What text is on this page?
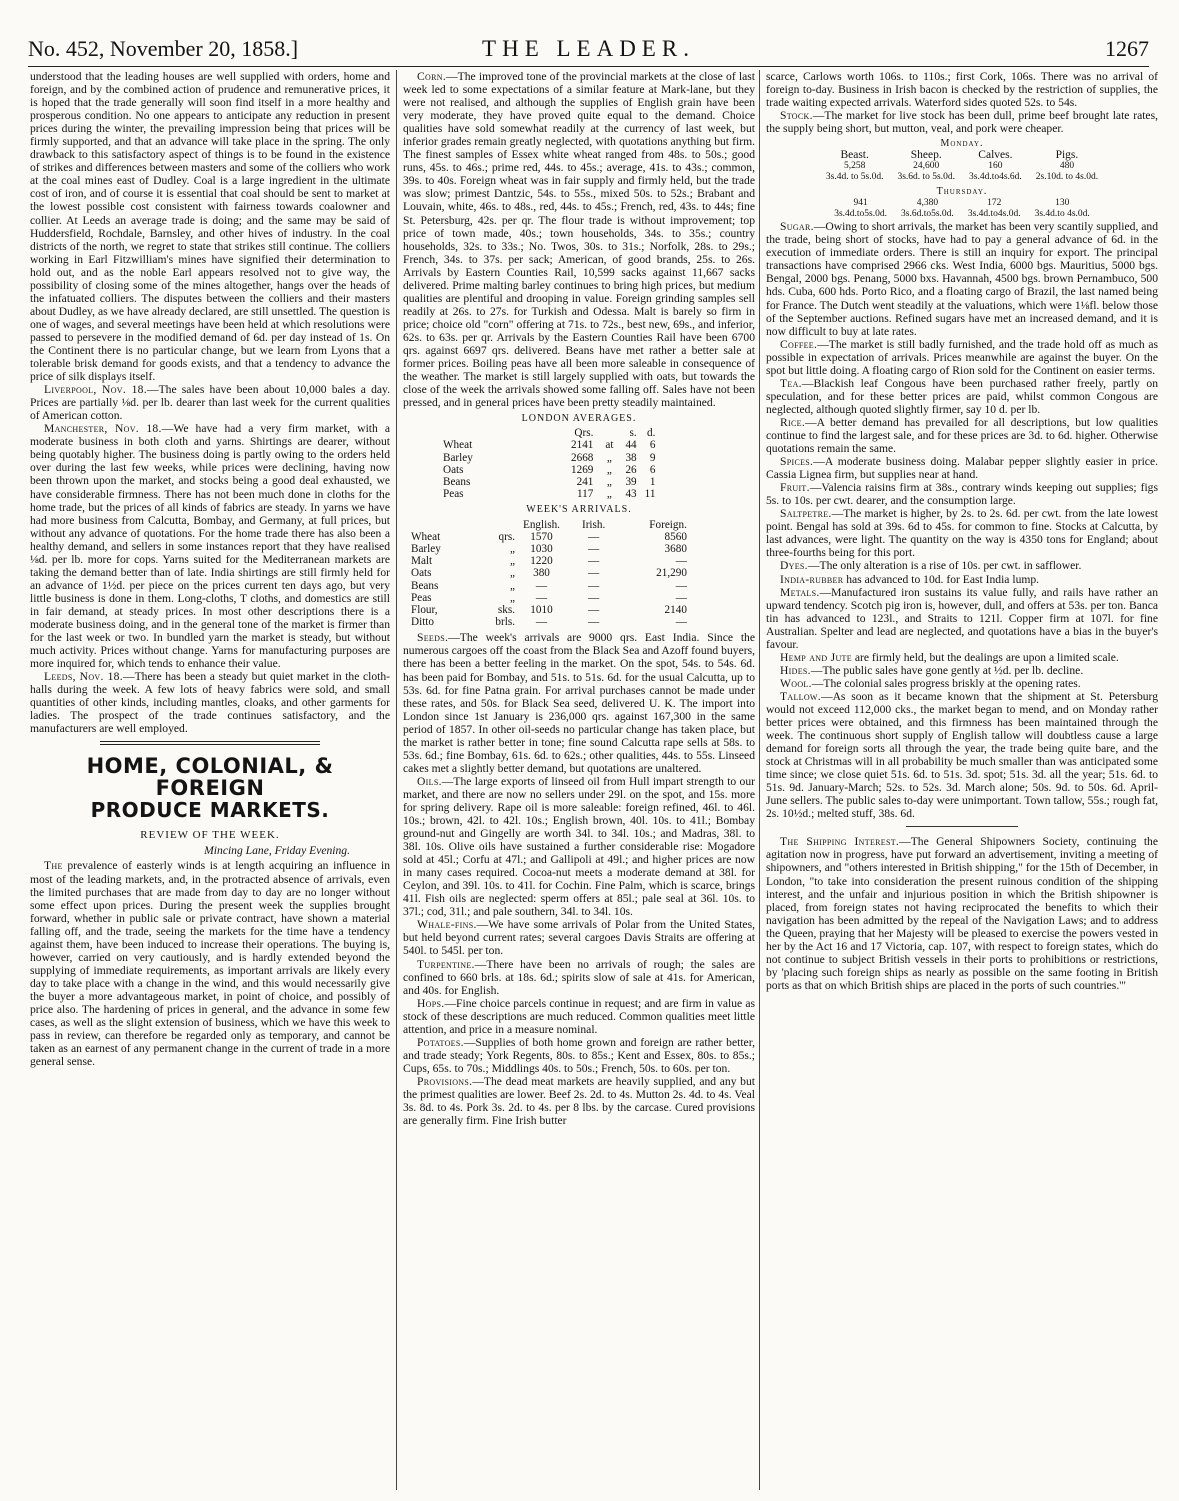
No. 452, November 20, 1858.]	THE LEADER.	1267

understood that the leading houses are well supplied with orders, home and foreign, and by the combined action of prudence and remunerative prices, it is hoped that the trade generally will soon find itself in a more healthy and prosperous condition. No one appears to anticipate any reduction in present prices during the winter, the prevailing impression being that prices will be firmly supported, and that an advance will take place in the spring. The only drawback to this satisfactory aspect of things is to be found in the existence of strikes and differences between masters and some of the colliers who work at the coal mines east of Dudley. Coal is a large ingredient in the ultimate cost of iron, and of course it is essential that coal should be sent to market at the lowest possible cost consistent with fairness towards coalowner and collier. At Leeds an average trade is doing; and the same may be said of Huddersfield, Rochdale, Barnsley, and other hives of industry. In the coal districts of the north, we regret to state that strikes still continue. The colliers working in Earl Fitzwilliam's mines have signified their determination to hold out, and as the noble Earl appears resolved not to give way, the possibility of closing some of the mines altogether, hangs over the heads of the infatuated colliers. The disputes between the colliers and their masters about Dudley, as we have already declared, are still unsettled. The question is one of wages, and several meetings have been held at which resolutions were passed to persevere in the modified demand of 6d. per day instead of 1s. On the Continent there is no particular change, but we learn from Lyons that a tolerable brisk demand for goods exists, and that a tendency to advance the price of silk displays itself.

Liverpool, Nov. 18.—The sales have been about 10,000 bales a day. Prices are partially ⅛d. per lb. dearer than last week for the current qualities of American cotton.

Manchester, Nov. 18.—We have had a very firm market, with a moderate business in both cloth and yarns. Shirtings are dearer, without being quotably higher. The business doing is partly owing to the orders held over during the last few weeks, while prices were declining, having now been thrown upon the market, and stocks being a good deal exhausted, we have considerable firmness. There has not been much done in cloths for the home trade, but the prices of all kinds of fabrics are steady. In yarns we have had more business from Calcutta, Bombay, and Germany, at full prices, but without any advance of quotations. For the home trade there has also been a healthy demand, and sellers in some instances report that they have realised ⅛d. per lb. more for cops. Yarns suited for the Mediterranean markets are taking the demand better than of late. India shirtings are still firmly held for an advance of 1½d. per piece on the prices current ten days ago, but very little business is done in them. Long-cloths, T cloths, and domestics are still in fair demand, at steady prices. In most other descriptions there is a moderate business doing, and in the general tone of the market is firmer than for the last week or two. In bundled yarn the market is steady, but without much activity. Prices without change. Yarns for manufacturing purposes are more inquired for, which tends to enhance their value.

Leeds, Nov. 18.—There has been a steady but quiet market in the cloth-halls during the week. A few lots of heavy fabrics were sold, and small quantities of other kinds, including mantles, cloaks, and other garments for ladies. The prospect of the trade continues satisfactory, and the manufacturers are well employed.

HOME, COLONIAL, & FOREIGN
PRODUCE MARKETS.
REVIEW OF THE WEEK.
Mincing Lane, Friday Evening.

The prevalence of easterly winds is at length acquiring an influence in most of the leading markets, and, in the protracted absence of arrivals, even the limited purchases that are made from day to day are no longer without some effect upon prices. During the present week the supplies brought forward, whether in public sale or private contract, have shown a material falling off, and the trade, seeing the markets for the time have a tendency against them, have been induced to increase their operations. The buying is, however, carried on very cautiously, and is hardly extended beyond the supplying of immediate requirements, as important arrivals are likely every day to take place with a change in the wind, and this would necessarily give the buyer a more advantageous market, in point of choice, and possibly of price also. The hardening of prices in general, and the advance in some few cases, as well as the slight extension of business, which we have this week to pass in review, can therefore be regarded only as temporary, and cannot be taken as an earnest of any permanent change in the current of trade in a more general sense.

Corn.—The improved tone of the provincial markets at the close of last week led to some expectations of a similar feature at Mark-lane, but they were not realised, and although the supplies of English grain have been very moderate, they have proved quite equal to the demand. Choice qualities have sold somewhat readily at the currency of last week, but inferior grades remain greatly neglected, with quotations anything but firm. The finest samples of Essex white wheat ranged from 48s. to 50s.; good runs, 45s. to 46s.; prime red, 44s. to 45s.; average, 41s. to 43s.; common, 39s. to 40s. Foreign wheat was in fair supply and firmly held, but the trade was slow; primest Dantzic, 54s. to 55s., mixed 50s. to 52s.; Brabant and Louvain, white, 46s. to 48s., red, 44s. to 45s.; French, red, 43s. to 44s; fine St. Petersburg, 42s. per qr. The flour trade is without improvement; top price of town made, 40s.; town households, 34s. to 35s.; country households, 32s. to 33s.; No. Twos, 30s. to 31s.; Norfolk, 28s. to 29s.; French, 34s. to 37s. per sack; American, of good brands, 25s. to 26s. Arrivals by Eastern Counties Rail, 10,599 sacks against 11,667 sacks delivered. Prime malting barley continues to bring high prices, but medium qualities are plentiful and drooping in value. Foreign grinding samples sell readily at 26s. to 27s. for Turkish and Odessa. Malt is barely so firm in price; choice old "corn" offering at 71s. to 72s., best new, 69s., and inferior, 62s. to 63s. per qr. Arrivals by the Eastern Counties Rail have been 6700 qrs. against 6697 qrs. delivered. Beans have met rather a better sale at former prices. Boiling peas have all been more saleable in consequence of the weather. The market is still largely supplied with oats, but towards the close of the week the arrivals showed some falling off. Sales have not been pressed, and in general prices have been pretty steadily maintained.

LONDON AVERAGES.
	Qrs.		s.	d.
Wheat	2141	at	44	6
Barley	2668	„	38	9
Oats	1269	„	26	6
Beans	241	„	39	1
Peas	117	„	43	11
WEEK'S ARRIVALS.
		English.	Irish.	Foreign.
Wheat	qrs.	1570	—	8560
Barley	„	1030	—	3680
Malt	„	1220	—	—
Oats	„	380	—	21,290
Beans	„	—	—	—
Peas	„	—	—	—
Flour,	sks.	1010	—	2140
Ditto	brls.	—	—	—

Seeds.—The week's arrivals are 9000 qrs. East India. Since the numerous cargoes off the coast from the Black Sea and Azoff found buyers, there has been a better feeling in the market. On the spot, 54s. to 54s. 6d. has been paid for Bombay, and 51s. to 51s. 6d. for the usual Calcutta, up to 53s. 6d. for fine Patna grain. For arrival purchases cannot be made under these rates, and 50s. for Black Sea seed, delivered U. K. The import into London since 1st January is 236,000 qrs. against 167,300 in the same period of 1857. In other oil-seeds no particular change has taken place, but the market is rather better in tone; fine sound Calcutta rape sells at 58s. to 53s. 6d.; fine Bombay, 61s. 6d. to 62s.; other qualities, 44s. to 55s. Linseed cakes met a slightly better demand, but quotations are unaltered.

Oils.—The large exports of linseed oil from Hull impart strength to our market, and there are now no sellers under 29l. on the spot, and 15s. more for spring delivery. Rape oil is more saleable: foreign refined, 46l. to 46l. 10s.; brown, 42l. to 42l. 10s.; English brown, 40l. 10s. to 41l.; Bombay ground-nut and Gingelly are worth 34l. to 34l. 10s.; and Madras, 38l. to 38l. 10s. Olive oils have sustained a further considerable rise: Mogadore sold at 45l.; Corfu at 47l.; and Gallipoli at 49l.; and higher prices are now in many cases required. Cocoa-nut meets a moderate demand at 38l. for Ceylon, and 39l. 10s. to 41l. for Cochin. Fine Palm, which is scarce, brings 41l. Fish oils are neglected: sperm offers at 85l.; pale seal at 36l. 10s. to 37l.; cod, 31l.; and pale southern, 34l. to 34l. 10s.

Whale-fins.—We have some arrivals of Polar from the United States, but held beyond current rates; several cargoes Davis Straits are offering at 540l. to 545l. per ton.

Turpentine.—There have been no arrivals of rough; the sales are confined to 660 brls. at 18s. 6d.; spirits slow of sale at 41s. for American, and 40s. for English.

Hops.—Fine choice parcels continue in request; and are firm in value as stock of these descriptions are much reduced. Common qualities meet little attention, and price in a measure nominal.

Potatoes.—Supplies of both home grown and foreign are rather better, and trade steady; York Regents, 80s. to 85s.; Kent and Essex, 80s. to 85s.; Cups, 65s. to 70s.; Middlings 40s. to 50s.; French, 50s. to 60s. per ton.

Provisions.—The dead meat markets are heavily supplied, and any but the primest qualities are lower. Beef 2s. 2d. to 4s. Mutton 2s. 4d. to 4s. Veal 3s. 8d. to 4s. Pork 3s. 2d. to 4s. per 8 lbs. by the carcase. Cured provisions are generally firm. Fine Irish butter

scarce, Carlows worth 106s. to 110s.; first Cork, 106s. There was no arrival of foreign to-day. Business in Irish bacon is checked by the restriction of supplies, the trade waiting expected arrivals. Waterford sides quoted 52s. to 54s.

Stock.—The market for live stock has been dull, prime beef brought late rates, the supply being short, but mutton, veal, and pork were cheaper.

Monday.
Beast.	Sheep.	Calves.	Pigs.
5,258	24,600	160	480
3s.4d. to 5s.0d.	3s.6d. to 5s.0d.	3s.4d.to4s.6d.	2s.10d. to 4s.0d.
Thursday.
941	4,380	172	130
3s.4d.to5s.0d.	3s.6d.to5s.0d.	3s.4d.to4s.0d.	3s.4d.to 4s.0d.

Sugar.—Owing to short arrivals, the market has been very scantily supplied, and the trade, being short of stocks, have had to pay a general advance of 6d. in the execution of immediate orders. There is still an inquiry for export. The principal transactions have comprised 2966 cks. West India, 6000 bgs. Mauritius, 5000 bgs. Bengal, 2000 bgs. Penang, 5000 bxs. Havannah, 4500 bgs. brown Pernambuco, 500 hds. Cuba, 600 hds. Porto Rico, and a floating cargo of Brazil, the last named being for France. The Dutch went steadily at the valuations, which were 1⅛fl. below those of the September auctions. Refined sugars have met an increased demand, and it is now difficult to buy at late rates.

Coffee.—The market is still badly furnished, and the trade hold off as much as possible in expectation of arrivals. Prices meanwhile are against the buyer. On the spot but little doing. A floating cargo of Rion sold for the Continent on easier terms.

Tea.—Blackish leaf Congous have been purchased rather freely, partly on speculation, and for these better prices are paid, whilst common Congous are neglected, although quoted slightly firmer, say 10 d. per lb.

Rice.—A better demand has prevailed for all descriptions, but low qualities continue to find the largest sale, and for these prices are 3d. to 6d. higher. Otherwise quotations remain the same.

Spices.—A moderate business doing. Malabar pepper slightly easier in price. Cassia Lignea firm, but supplies near at hand.

Fruit.—Valencia raisins firm at 38s., contrary winds keeping out supplies; figs 5s. to 10s. per cwt. dearer, and the consumption large.

Saltpetre.—The market is higher, by 2s. to 2s. 6d. per cwt. from the late lowest point. Bengal has sold at 39s. 6d to 45s. for common to fine. Stocks at Calcutta, by last advances, were light. The quantity on the way is 4350 tons for England; about three-fourths being for this port.

Dyes.—The only alteration is a rise of 10s. per cwt. in safflower.

India-rubber has advanced to 10d. for East India lump.

Metals.—Manufactured iron sustains its value fully, and rails have rather an upward tendency. Scotch pig iron is, however, dull, and offers at 53s. per ton. Banca tin has advanced to 123l., and Straits to 121l. Copper firm at 107l. for fine Australian. Spelter and lead are neglected, and quotations have a bias in the buyer's favour.

Hemp and Jute are firmly held, but the dealings are upon a limited scale.

Hides.—The public sales have gone gently at ½d. per lb. decline.

Wool.—The colonial sales progress briskly at the opening rates.

Tallow.—As soon as it became known that the shipment at St. Petersburg would not exceed 112,000 cks., the market began to mend, and on Monday rather better prices were obtained, and this firmness has been maintained through the week. The continuous short supply of English tallow will doubtless cause a large demand for foreign sorts all through the year, the trade being quite bare, and the stock at Christmas will in all probability be much smaller than was anticipated some time since; we close quiet 51s. 6d. to 51s. 3d. spot; 51s. 3d. all the year; 51s. 6d. to 51s. 9d. January-March; 52s. to 52s. 3d. March alone; 50s. 9d. to 50s. 6d. April-June sellers. The public sales to-day were unimportant. Town tallow, 55s.; rough fat, 2s. 10½d.; melted stuff, 38s. 6d.

The Shipping Interest.—The General Shipowners Society, continuing the agitation now in progress, have put forward an advertisement, inviting a meeting of shipowners, and "others interested in British shipping," for the 15th of December, in London, "to take into consideration the present ruinous condition of the shipping interest, and the unfair and injurious position in which the British shipowner is placed, from foreign states not having reciprocated the benefits to which their navigation has been admitted by the repeal of the Navigation Laws; and to address the Queen, praying that her Majesty will be pleased to exercise the powers vested in her by the Act 16 and 17 Victoria, cap. 107, with respect to foreign states, which do not continue to subject British vessels in their ports to prohibitions or restrictions, by 'placing such foreign ships as nearly as possible on the same footing in British ports as that on which British ships are placed in the ports of such countries.'"
